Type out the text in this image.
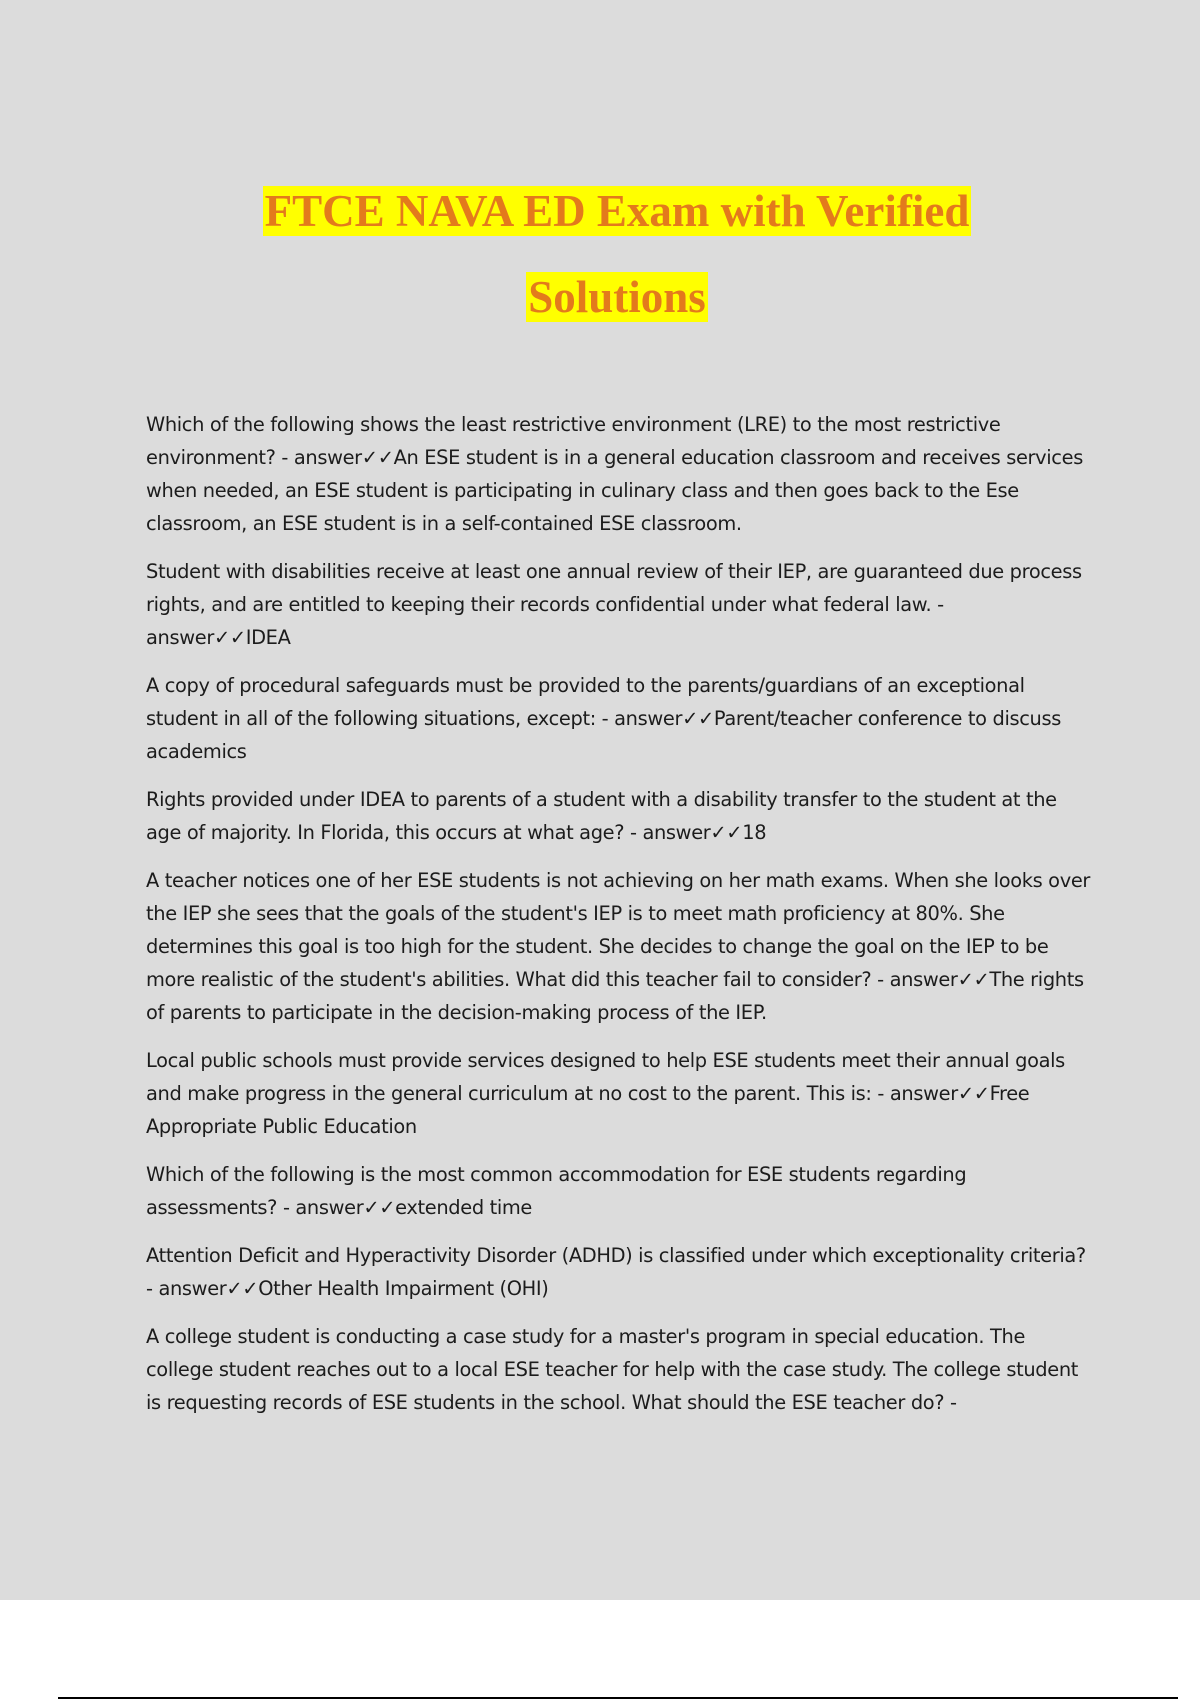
FTCE NAVA ED Exam with Verified
Solutions

Which of the following shows the least restrictive environment (LRE) to the most restrictive environment? - answer✓✓An ESE student is in a general education classroom and receives services when needed, an ESE student is participating in culinary class and then goes back to the Ese classroom, an ESE student is in a self-contained ESE classroom.

Student with disabilities receive at least one annual review of their IEP, are guaranteed due process rights, and are entitled to keeping their records confidential under what federal law. - answer✓✓IDEA

A copy of procedural safeguards must be provided to the parents/guardians of an exceptional student in all of the following situations, except: - answer✓✓Parent/teacher conference to discuss academics

Rights provided under IDEA to parents of a student with a disability transfer to the student at the age of majority. In Florida, this occurs at what age? - answer✓✓18

A teacher notices one of her ESE students is not achieving on her math exams. When she looks over the IEP she sees that the goals of the student's IEP is to meet math proficiency at 80%. She determines this goal is too high for the student. She decides to change the goal on the IEP to be more realistic of the student's abilities. What did this teacher fail to consider? - answer✓✓The rights of parents to participate in the decision-making process of the IEP.

Local public schools must provide services designed to help ESE students meet their annual goals and make progress in the general curriculum at no cost to the parent. This is: - answer✓✓Free Appropriate Public Education

Which of the following is the most common accommodation for ESE students regarding assessments? - answer✓✓extended time

Attention Deficit and Hyperactivity Disorder (ADHD) is classified under which exceptionality criteria? - answer✓✓Other Health Impairment (OHI)

A college student is conducting a case study for a master's program in special education. The college student reaches out to a local ESE teacher for help with the case study. The college student is requesting records of ESE students in the school. What should the ESE teacher do? -
